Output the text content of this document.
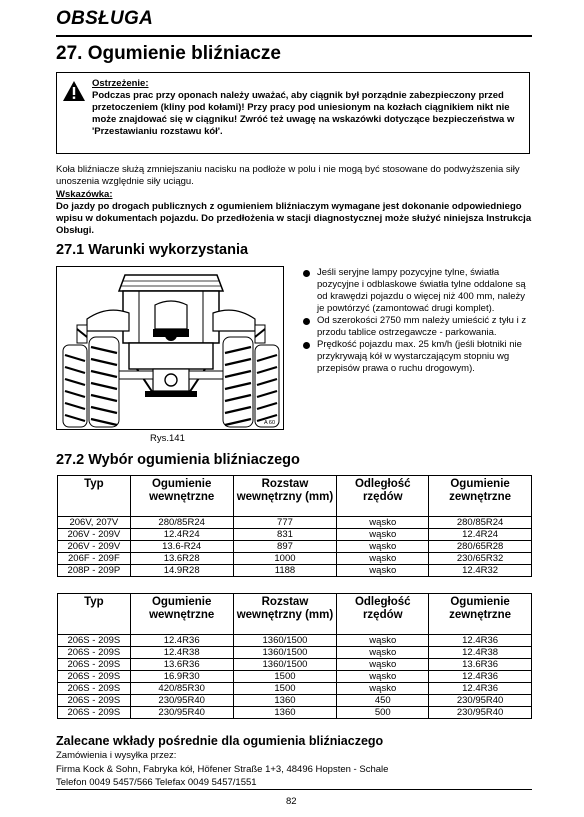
OBSŁUGA
27. Ogumienie bliźniacze
Ostrzeżenie:
Podczas prac przy oponach należy uważać, aby ciągnik był porządnie zabezpieczony przed przetoczeniem (kliny pod kołami)! Przy pracy pod uniesionym na kozłach ciągnikiem nikt nie może znajdować się w ciągniku! Zwróć też uwagę na wskazówki dotyczące bezpieczeństwa w 'Przestawianiu rozstawu kół'.
Koła bliźniacze służą zmniejszaniu nacisku na podłoże w polu i nie mogą być stosowane do podwyższenia siły unoszenia względnie siły uciągu.
Wskazówka:
Do jazdy po drogach publicznych z ogumieniem bliźniaczym wymagane jest dokonanie odpowiedniego wpisu w dokumentach pojazdu. Do przedłożenia w stacji diagnostycznej może służyć niniejsza Instrukcja Obsługi.
27.1 Warunki wykorzystania
A 60
Rys.141
Jeśli seryjne lampy pozycyjne tylne, światła pozycyjne i odblaskowe światła tylne oddalone są od krawędzi pojazdu o więcej niż 400 mm, należy je powtórzyć (zamontować drugi komplet).
Od szerokości 2750 mm należy umieścić z tyłu i z przodu tablice ostrzegawcze - parkowania.
Prędkość pojazdu max. 25 km/h (jeśli błotniki nie przykrywają kół w wystarczającym stopniu wg przepisów prawa o ruchu drogowym).
27.2 Wybór ogumienia bliźniaczego
Typ	Ogumienie wewnętrzne	Rozstaw wewnętrzny (mm)	Odległość rzędów	Ogumienie zewnętrzne
206V, 207V	280/85R24	777	wąsko	280/85R24
206V - 209V	12.4R24	831	wąsko	12.4R24
206V - 209V	13.6-R24	897	wąsko	280/65R28
206F - 209F	13.6R28	1000	wąsko	230/65R32
208P - 209P	14.9R28	1188	wąsko	12.4R32
Typ	Ogumienie wewnętrzne	Rozstaw wewnętrzny (mm)	Odległość rzędów	Ogumienie zewnętrzne
206S - 209S	12.4R36	1360/1500	wąsko	12.4R36
206S - 209S	12.4R38	1360/1500	wąsko	12.4R38
206S - 209S	13.6R36	1360/1500	wąsko	13.6R36
206S - 209S	16.9R30	1500	wąsko	12.4R36
206S - 209S	420/85R30	1500	wąsko	12.4R36
206S - 209S	230/95R40	1360	450	230/95R40
206S - 209S	230/95R40	1360	500	230/95R40
Zalecane wkłady pośrednie dla ogumienia bliźniaczego
Zamówienia i wysyłka przez:
Firma Kock & Sohn, Fabryka kół, Höfener Straße 1+3, 48496 Hopsten - Schale
Telefon 0049 5457/566 Telefax 0049 5457/1551
82
